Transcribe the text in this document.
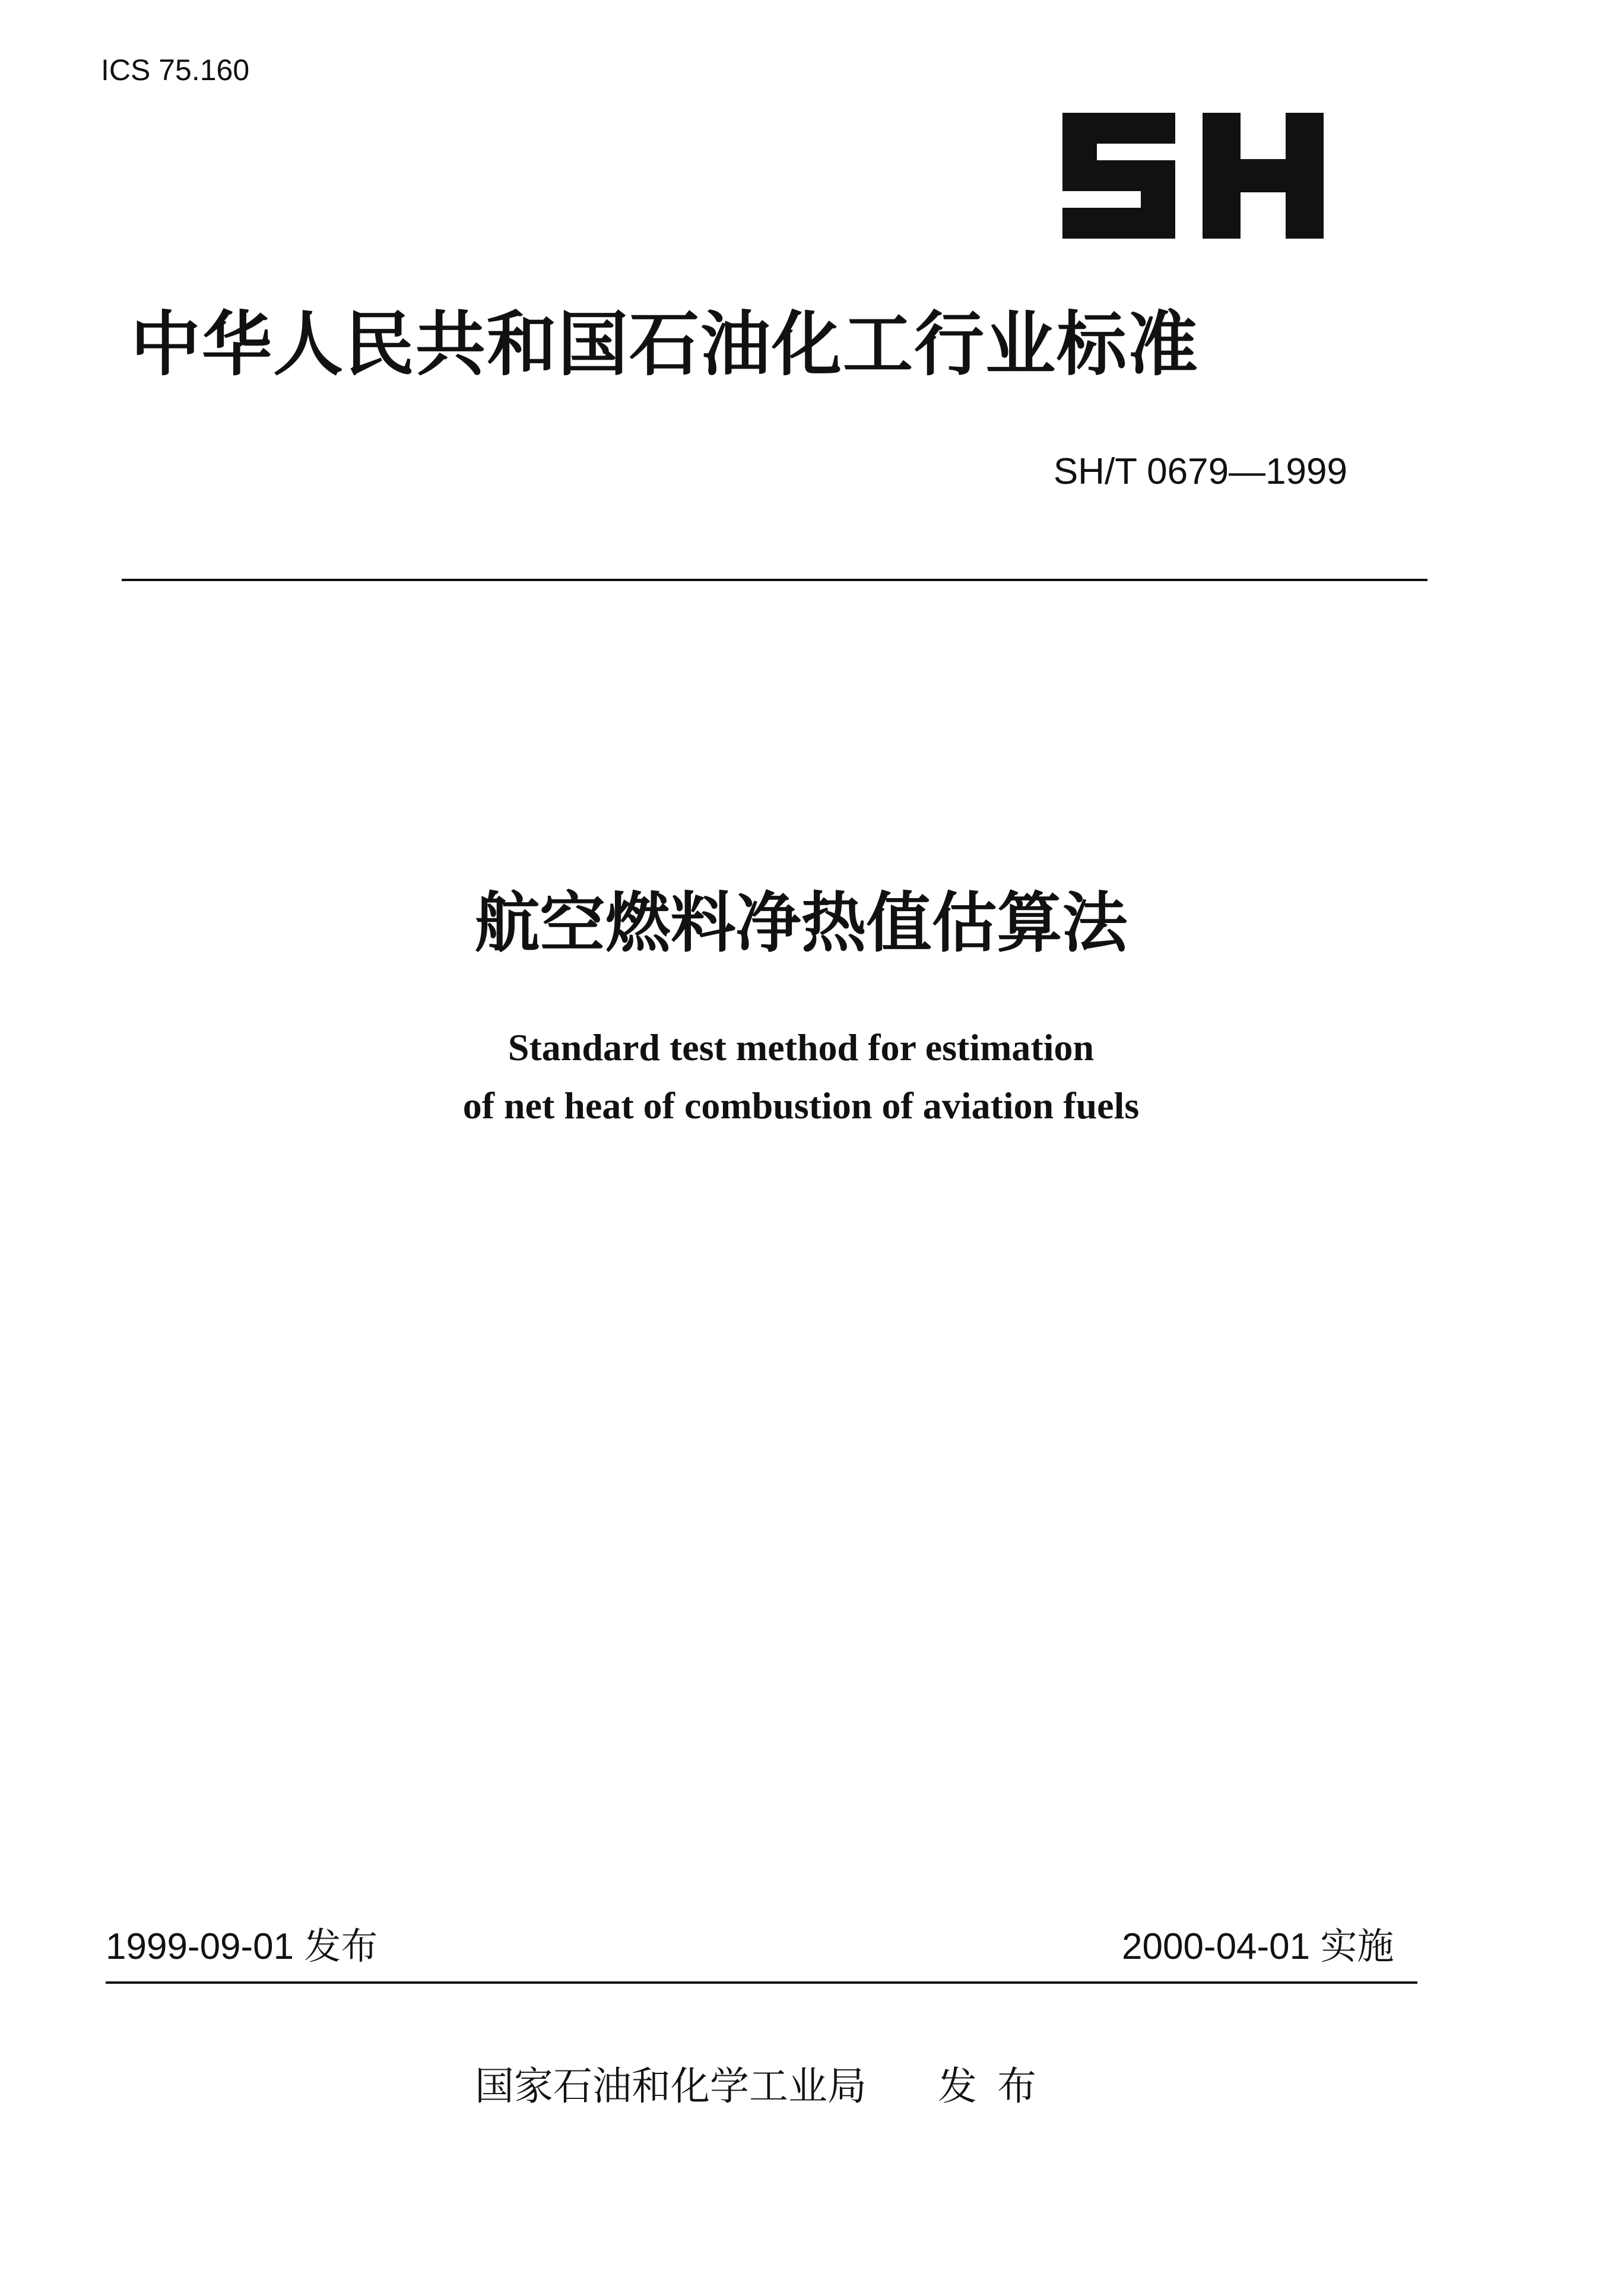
ICS 75.160
中华人民共和国石油化工行业标准
SH/T 0679—1999
航空燃料净热值估算法
Standard test method for estimation
of net heat of combustion of aviation fuels
1999-09-01 发布	2000-04-01 实施
国家石油和化学工业局 发布
